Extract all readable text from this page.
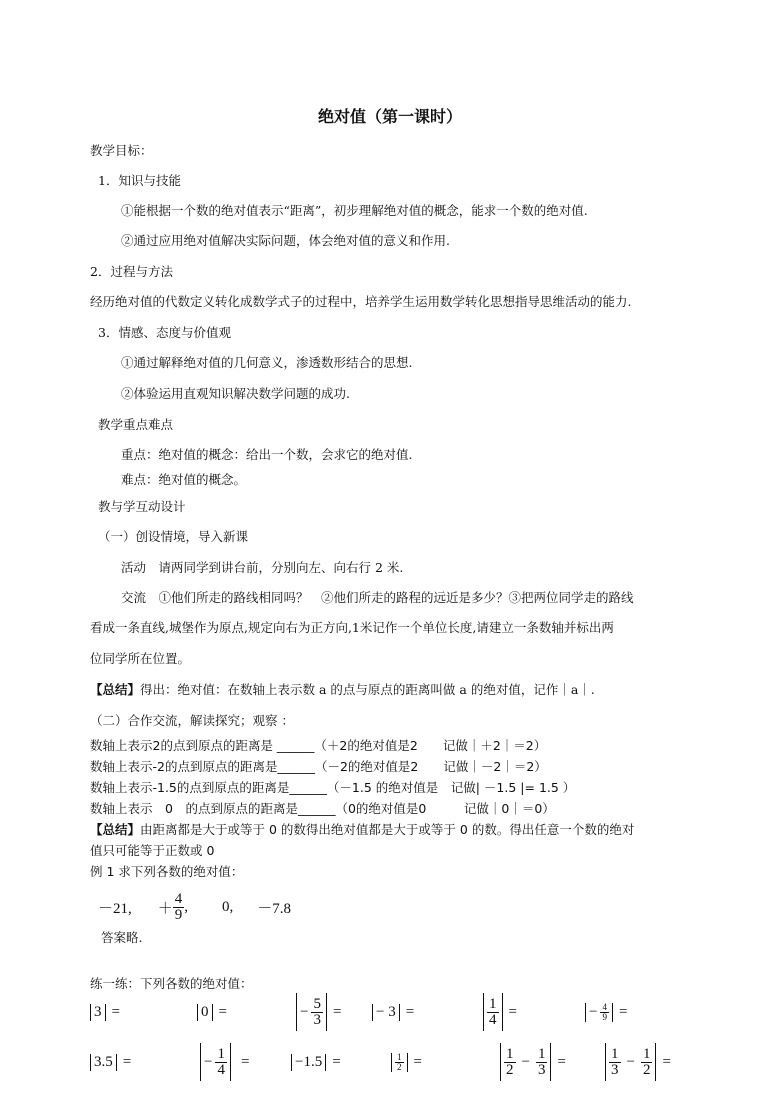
绝对值（第一课时）
教学目标：
1．知识与技能
①能根据一个数的绝对值表示“距离”，初步理解绝对值的概念，能求一个数的绝对值.
②通过应用绝对值解决实际问题，体会绝对值的意义和作用.
2．过程与方法
经历绝对值的代数定义转化成数学式子的过程中，培养学生运用数学转化思想指导思维活动的能力.
3．情感、态度与价值观
①通过解释绝对值的几何意义，渗透数形结合的思想.
②体验运用直观知识解决数学问题的成功.
教学重点难点
重点：绝对值的概念：给出一个数，会求它的绝对值.
难点：绝对值的概念。
教与学互动设计
（一）创设情境，导入新课
活动　请两同学到讲台前，分别向左、向右行 2 米.
交流　①他们所走的路线相同吗？　②他们所走的路程的远近是多少？③把两位同学走的路线
看成一条直线,城堡作为原点,规定向右为正方向,1米记作一个单位长度,请建立一条数轴并标出两
位同学所在位置。
【总结】得出：绝对值：在数轴上表示数 a 的点与原点的距离叫做 a 的绝对值，记作｜a｜.
（二）合作交流，解读探究；观察 ：
数轴上表示2的点到原点的距离是 ______（＋2的绝对值是2　　记做｜＋2｜＝2）
数轴上表示-2的点到原点的距离是______（－2的绝对值是2　　记做｜－2｜＝2）
数轴上表示-1.5的点到原点的距离是______（－1.5 的绝对值是　记做| －1.5 |= 1.5 ）
数轴上表示　0　的点到原点的距离是______（0的绝对值是0　　　记做｜0｜＝0）
【总结】由距离都是大于或等于 0 的数得出绝对值都是大于或等于 0 的数。得出任意一个数的绝对
值只可能等于正数或 0
例 1 求下列各数的绝对值：
－21, ＋ $\frac{4}{9}$ , 0, －7.8
答案略.
练一练：下列各数的绝对值：
3 =	0 =	− $\frac{5}{3}$ = − 3 =	$\frac{1}{4}$ =	− $\frac{4}{9}$ =
3.5 =	− $\frac{1}{4}$ =	−1.5 =	$\frac{1}{2}$ =	$\frac{1}{2} - \frac{1}{3}$ =	$\frac{1}{3} - \frac{1}{2}$ =
